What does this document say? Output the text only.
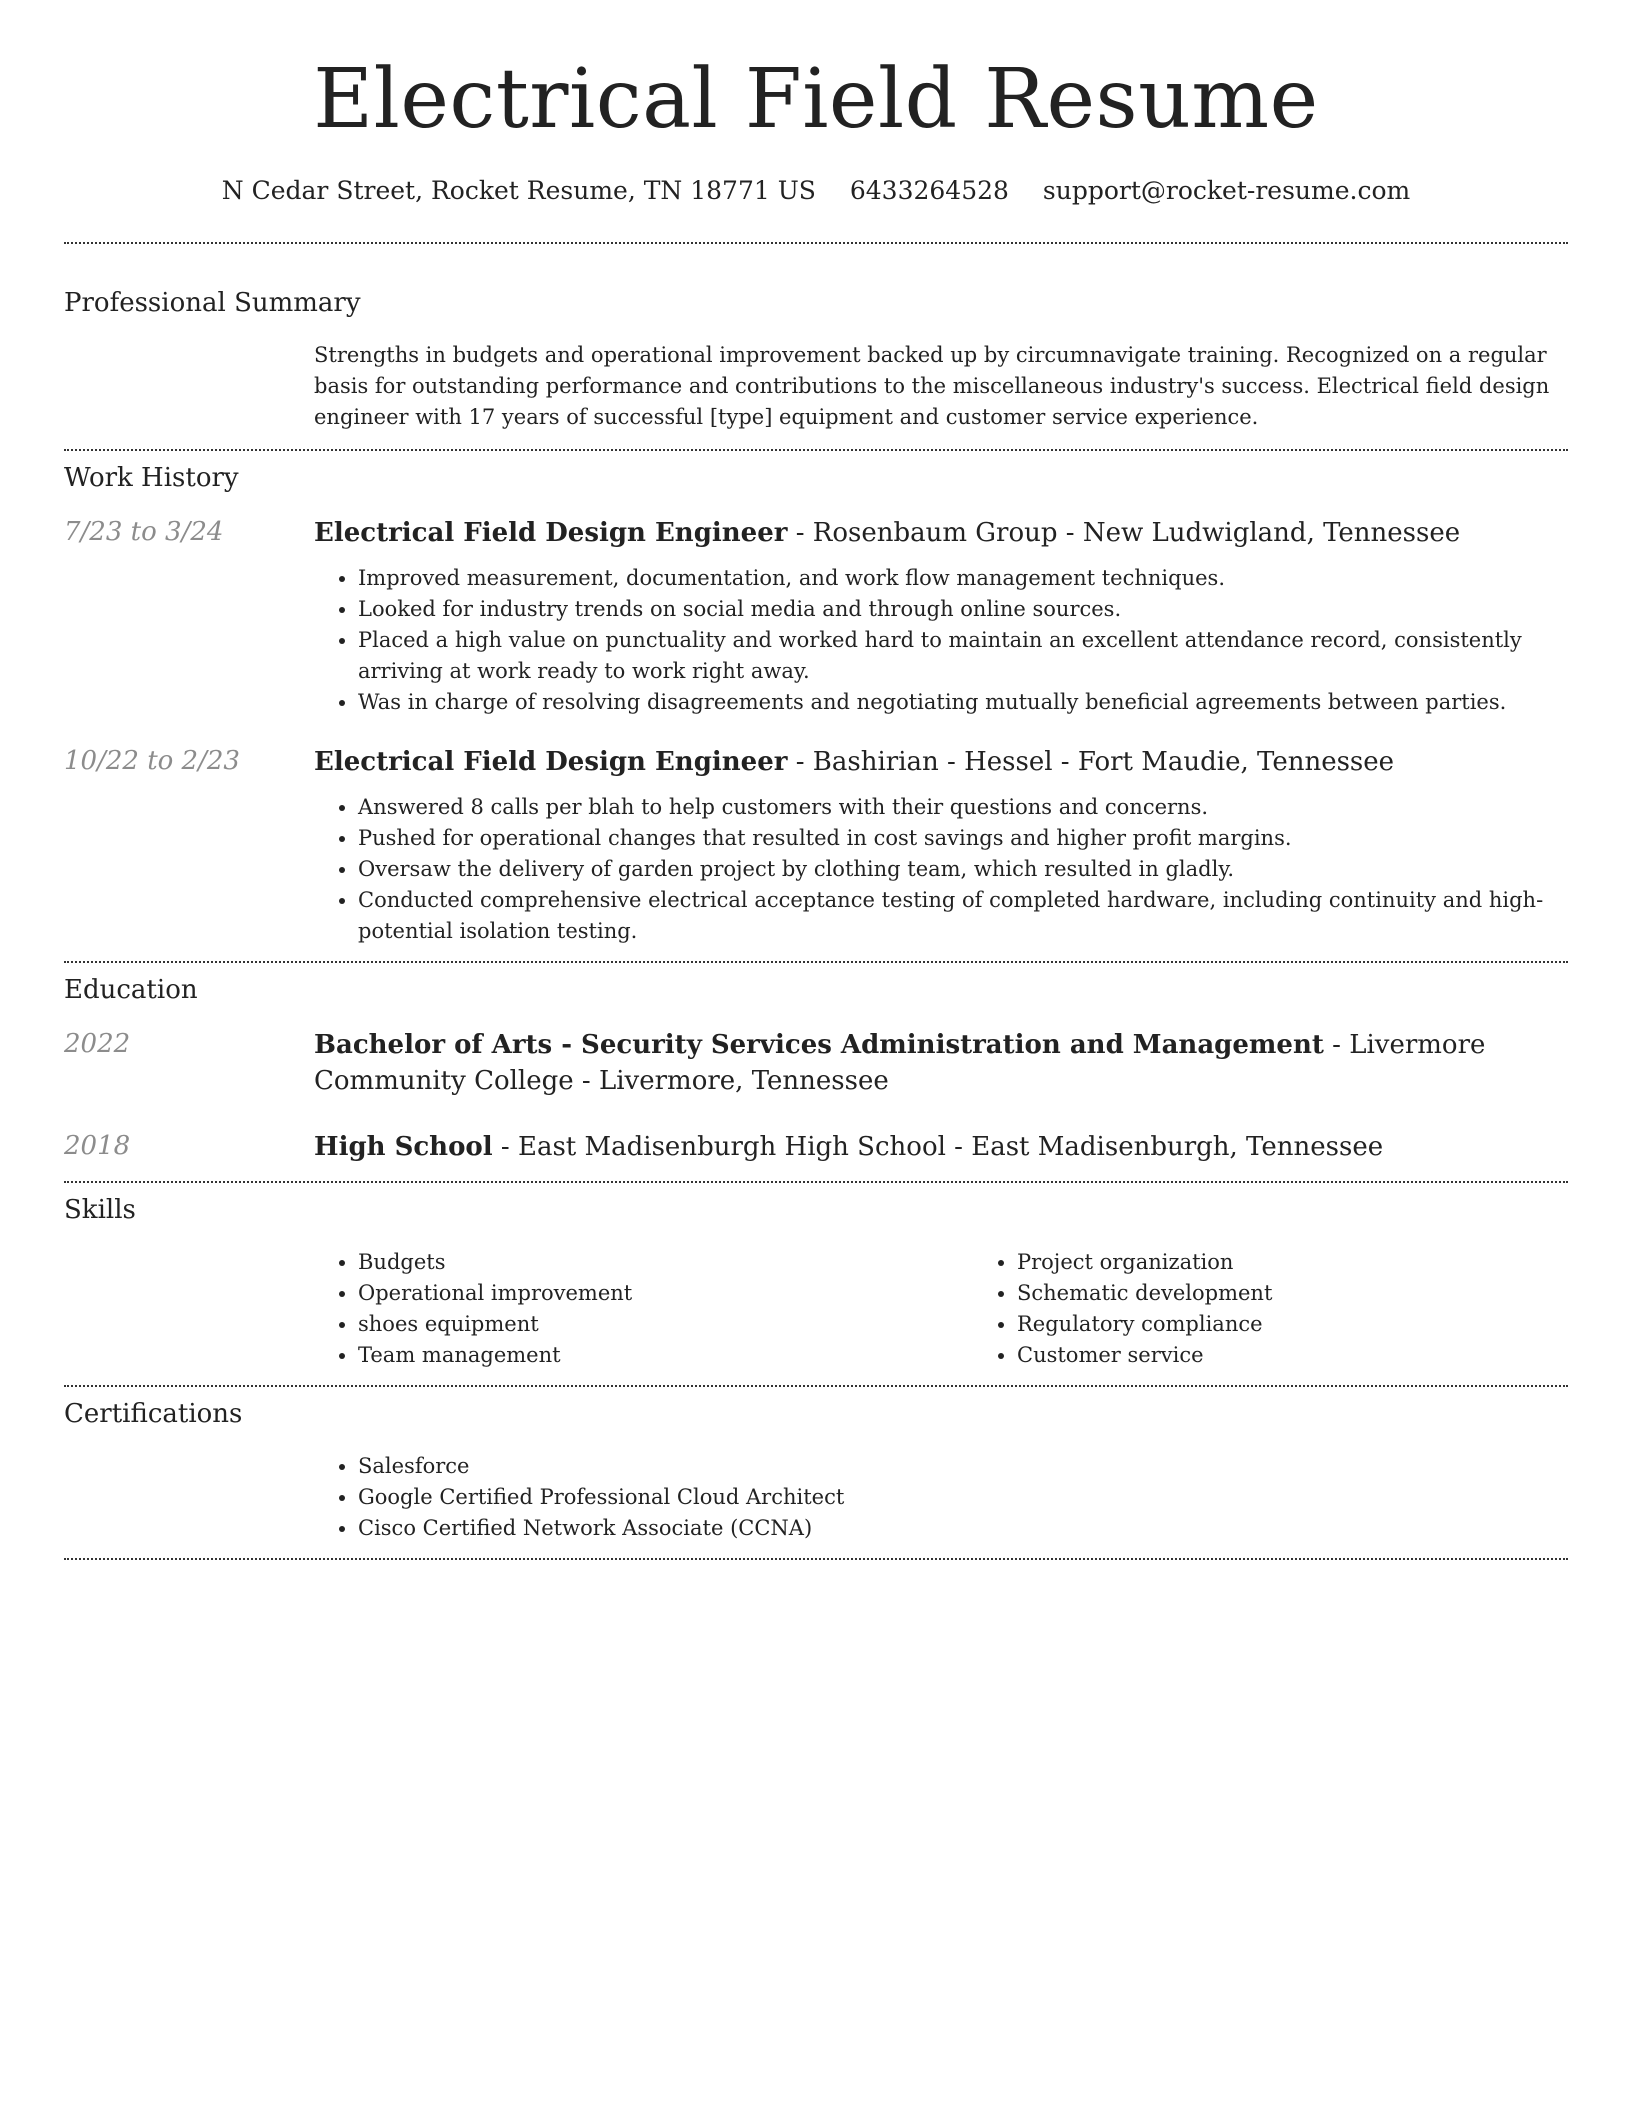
Electrical Field Resume
N Cedar Street, Rocket Resume, TN 18771 US 6433264528 support@rocket-resume.com
Professional Summary
Strengths in budgets and operational improvement backed up by circumnavigate training. Recognized on a regular basis for outstanding performance and contributions to the miscellaneous industry's success. Electrical field design engineer with 17 years of successful [type] equipment and customer service experience.
Work History
7/23 to 3/24	Electrical Field Design Engineer - Rosenbaum Group - New Ludwigland, Tennessee
• Improved measurement, documentation, and work flow management techniques.
• Looked for industry trends on social media and through online sources.
• Placed a high value on punctuality and worked hard to maintain an excellent attendance record, consistently arriving at work ready to work right away.
• Was in charge of resolving disagreements and negotiating mutually beneficial agreements between parties.
10/22 to 2/23	Electrical Field Design Engineer - Bashirian - Hessel - Fort Maudie, Tennessee
• Answered 8 calls per blah to help customers with their questions and concerns.
• Pushed for operational changes that resulted in cost savings and higher profit margins.
• Oversaw the delivery of garden project by clothing team, which resulted in gladly.
• Conducted comprehensive electrical acceptance testing of completed hardware, including continuity and high-potential isolation testing.
Education
2022	Bachelor of Arts - Security Services Administration and Management - Livermore Community College - Livermore, Tennessee
2018	High School - East Madisenburgh High School - East Madisenburgh, Tennessee
Skills
• Budgets
• Operational improvement
• shoes equipment
• Team management
• Project organization
• Schematic development
• Regulatory compliance
• Customer service
Certifications
• Salesforce
• Google Certified Professional Cloud Architect
• Cisco Certified Network Associate (CCNA)
